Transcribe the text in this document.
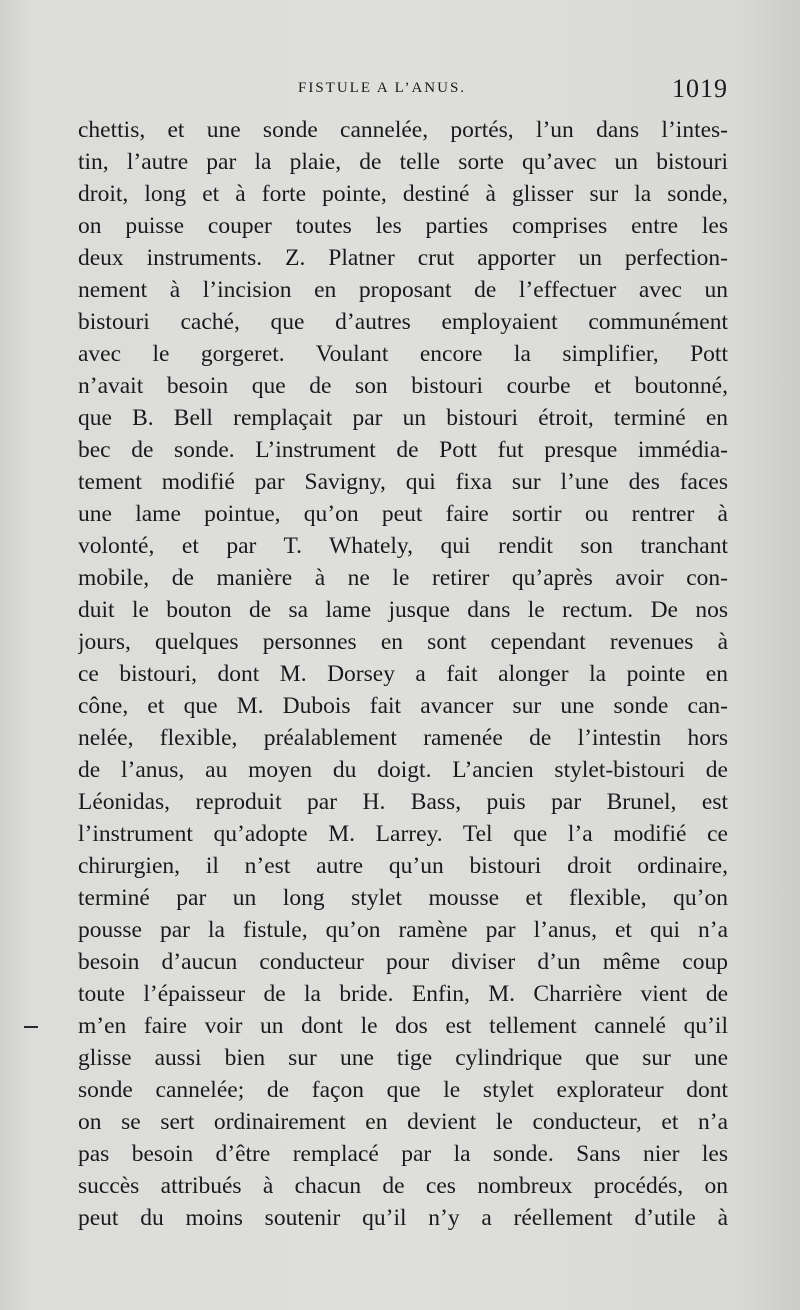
FISTULE A L’ANUS.	1019
chettis, et une sonde cannelée, portés, l’un dans l’intes-
tin, l’autre par la plaie, de telle sorte qu’avec un bistouri
droit, long et à forte pointe, destiné à glisser sur la sonde,
on puisse couper toutes les parties comprises entre les
deux instruments. Z. Platner crut apporter un perfection-
nement à l’incision en proposant de l’effectuer avec un
bistouri caché, que d’autres employaient communément
avec le gorgeret. Voulant encore la simplifier, Pott
n’avait besoin que de son bistouri courbe et boutonné,
que B. Bell remplaçait par un bistouri étroit, terminé en
bec de sonde. L’instrument de Pott fut presque immédia-
tement modifié par Savigny, qui fixa sur l’une des faces
une lame pointue, qu’on peut faire sortir ou rentrer à
volonté, et par T. Whately, qui rendit son tranchant
mobile, de manière à ne le retirer qu’après avoir con-
duit le bouton de sa lame jusque dans le rectum. De nos
jours, quelques personnes en sont cependant revenues à
ce bistouri, dont M. Dorsey a fait alonger la pointe en
cône, et que M. Dubois fait avancer sur une sonde can-
nelée, flexible, préalablement ramenée de l’intestin hors
de l’anus, au moyen du doigt. L’ancien stylet-bistouri de
Léonidas, reproduit par H. Bass, puis par Brunel, est
l’instrument qu’adopte M. Larrey. Tel que l’a modifié ce
chirurgien, il n’est autre qu’un bistouri droit ordinaire,
terminé par un long stylet mousse et flexible, qu’on
pousse par la fistule, qu’on ramène par l’anus, et qui n’a
besoin d’aucun conducteur pour diviser d’un même coup
toute l’épaisseur de la bride. Enfin, M. Charrière vient de
m’en faire voir un dont le dos est tellement cannelé qu’il
glisse aussi bien sur une tige cylindrique que sur une
sonde cannelée; de façon que le stylet explorateur dont
on se sert ordinairement en devient le conducteur, et n’a
pas besoin d’être remplacé par la sonde. Sans nier les
succès attribués à chacun de ces nombreux procédés, on
peut du moins soutenir qu’il n’y a réellement d’utile à
